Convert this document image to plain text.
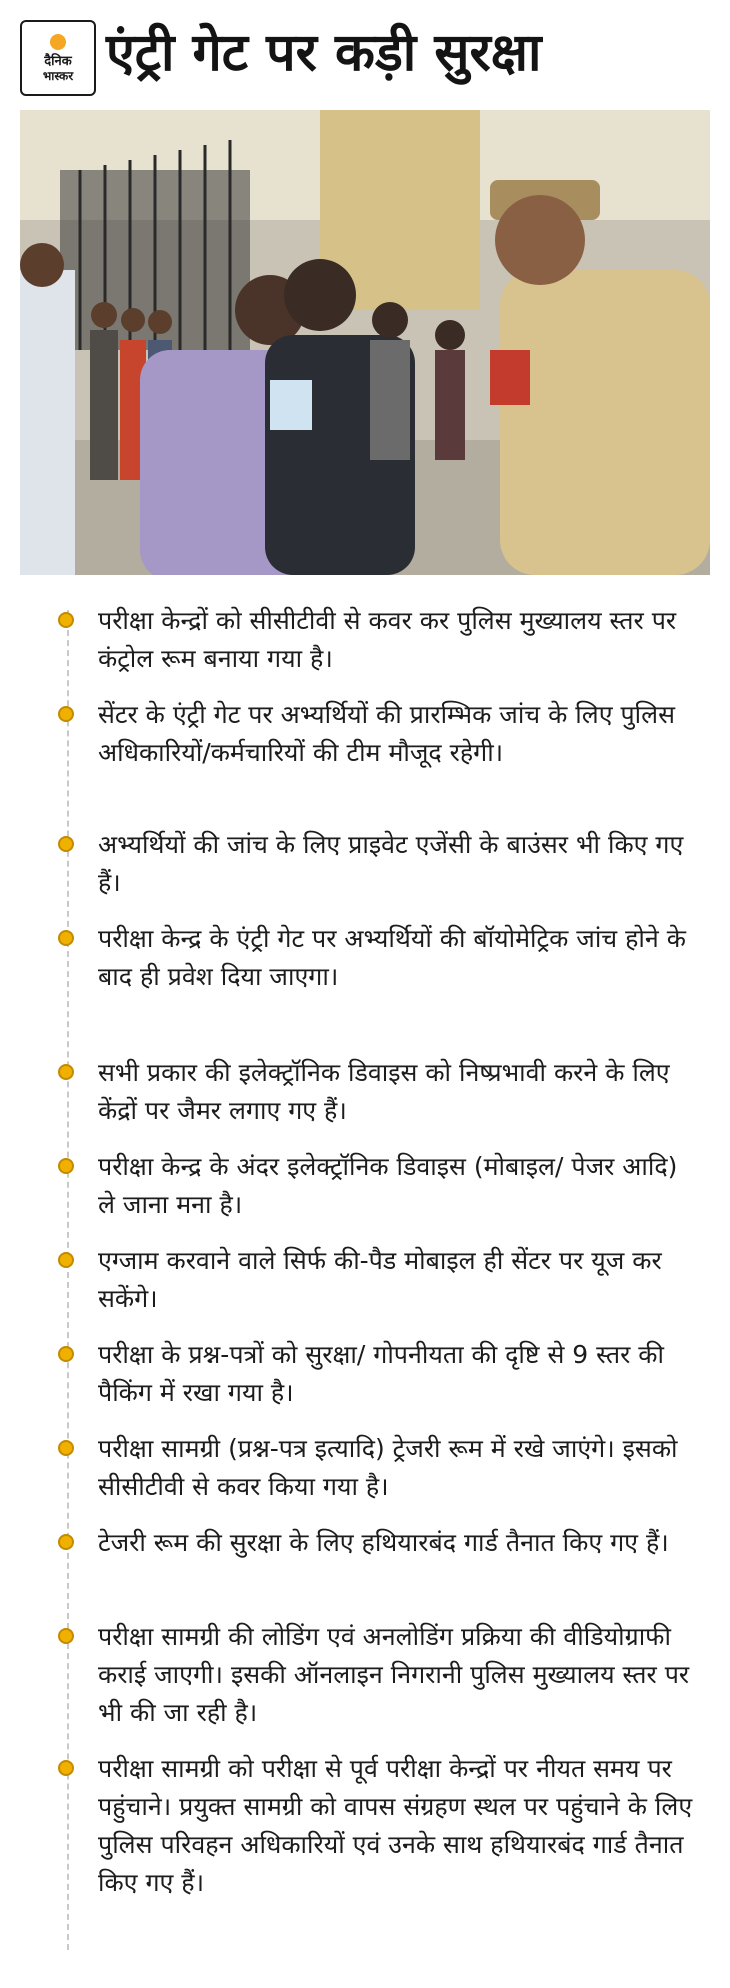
दैनिक
भास्कर एंट्री गेट पर कड़ी सुरक्षा
परीक्षा केन्द्रों को सीसीटीवी से कवर कर पुलिस मुख्यालय स्तर पर कंट्रोल रूम बनाया गया है।
सेंटर के एंट्री गेट पर अभ्यर्थियों की प्रारम्भिक जांच के लिए पुलिस अधिकारियों/कर्मचारियों की टीम मौजूद रहेगी।
अभ्यर्थियों की जांच के लिए प्राइवेट एजेंसी के बाउंसर भी किए गए हैं।
परीक्षा केन्द्र के एंट्री गेट पर अभ्यर्थियों की बॉयोमेट्रिक जांच होने के बाद ही प्रवेश दिया जाएगा।
सभी प्रकार की इलेक्ट्रॉनिक डिवाइस को निष्प्रभावी करने के लिए केंद्रों पर जैमर लगाए गए हैं।
परीक्षा केन्द्र के अंदर इलेक्ट्रॉनिक डिवाइस (मोबाइल/ पेजर आदि) ले जाना मना है।
एग्जाम करवाने वाले सिर्फ की-पैड मोबाइल ही सेंटर पर यूज कर सकेंगे।
परीक्षा के प्रश्न-पत्रों को सुरक्षा/ गोपनीयता की दृष्टि से 9 स्तर की पैकिंग में रखा गया है।
परीक्षा सामग्री (प्रश्न-पत्र इत्यादि) ट्रेजरी रूम में रखे जाएंगे। इसको सीसीटीवी से कवर किया गया है।
टेजरी रूम की सुरक्षा के लिए हथियारबंद गार्ड तैनात किए गए हैं।
परीक्षा सामग्री की लोडिंग एवं अनलोडिंग प्रक्रिया की वीडियोग्राफी कराई जाएगी। इसकी ऑनलाइन निगरानी पुलिस मुख्यालय स्तर पर भी की जा रही है।
परीक्षा सामग्री को परीक्षा से पूर्व परीक्षा केन्द्रों पर नीयत समय पर पहुंचाने। प्रयुक्त सामग्री को वापस संग्रहण स्थल पर पहुंचाने के लिए पुलिस परिवहन अधिकारियों एवं उनके साथ हथियारबंद गार्ड तैनात किए गए हैं।
